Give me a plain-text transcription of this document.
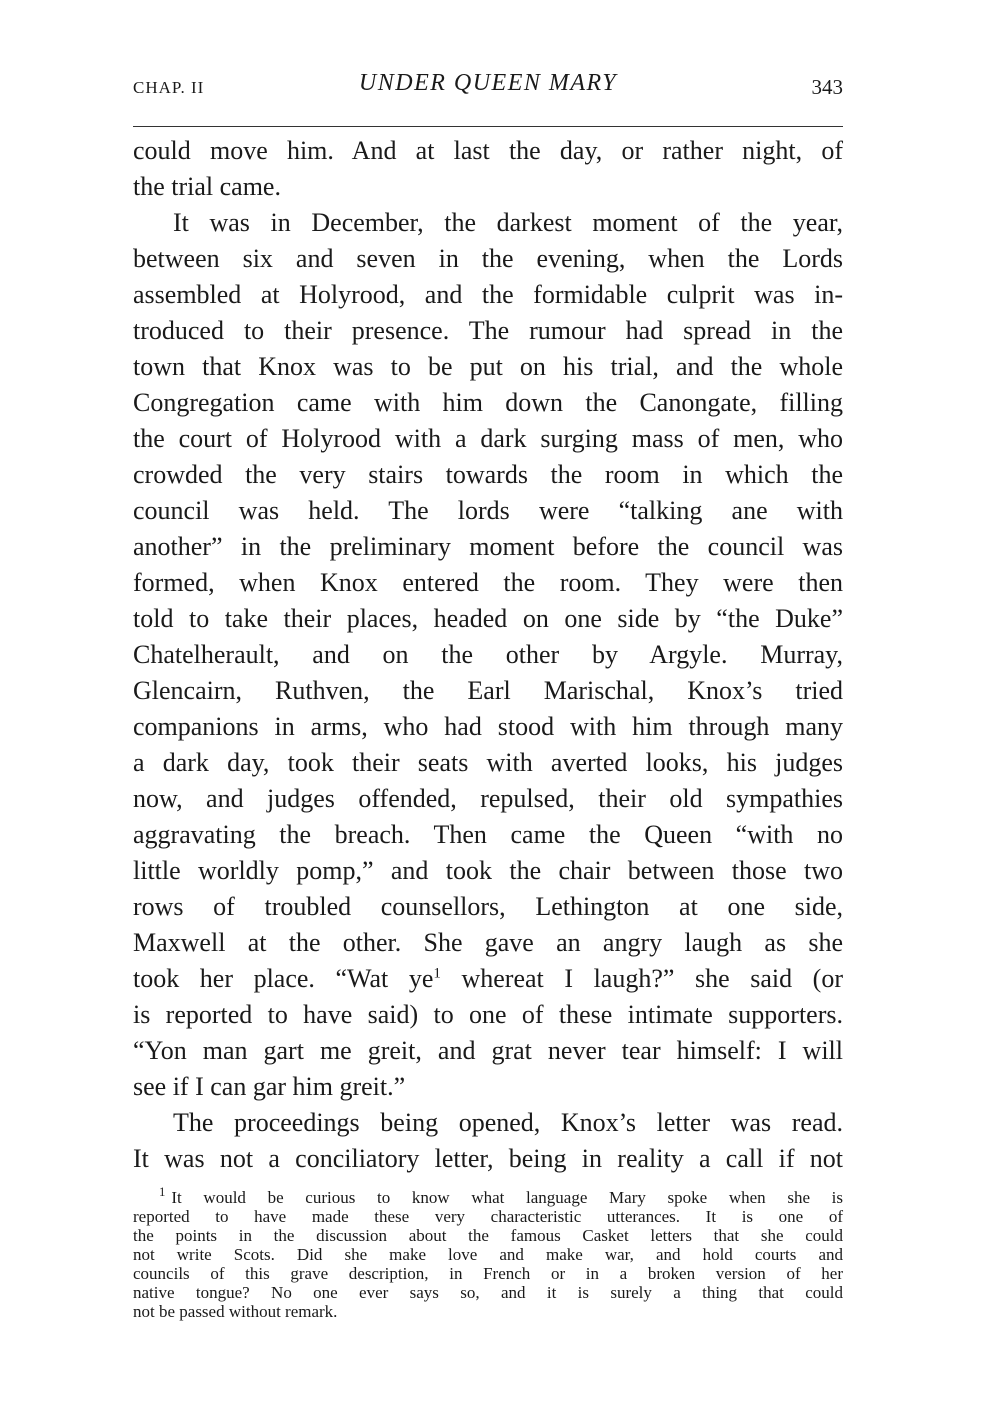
CHAP. II	UNDER QUEEN MARY	343
could move him. And at last the day, or rather night, of
the trial came.
It was in December, the darkest moment of the year,
between six and seven in the evening, when the Lords
assembled at Holyrood, and the formidable culprit was in-
troduced to their presence. The rumour had spread in the
town that Knox was to be put on his trial, and the whole
Congregation came with him down the Canongate, filling
the court of Holyrood with a dark surging mass of men, who
crowded the very stairs towards the room in which the
council was held. The lords were “talking ane with
another” in the preliminary moment before the council was
formed, when Knox entered the room. They were then
told to take their places, headed on one side by “the Duke”
Chatelherault, and on the other by Argyle. Murray,
Glencairn, Ruthven, the Earl Marischal, Knox’s tried
companions in arms, who had stood with him through many
a dark day, took their seats with averted looks, his judges
now, and judges offended, repulsed, their old sympathies
aggravating the breach. Then came the Queen “with no
little worldly pomp,” and took the chair between those two
rows of troubled counsellors, Lethington at one side,
Maxwell at the other. She gave an angry laugh as she
took her place. “Wat $ye^1$ whereat I laugh?” she said (or
is reported to have said) to one of these intimate supporters.
“Yon man gart me greit, and grat never tear himself: I will
see if I can gar him greit.”
The proceedings being opened, Knox’s letter was read.
It was not a conciliatory letter, being in reality a call if not
$^1$ It would be curious to know what language Mary spoke when she is
reported to have made these very characteristic utterances. It is one of
the points in the discussion about the famous Casket letters that she could
not write Scots. Did she make love and make war, and hold courts and
councils of this grave description, in French or in a broken version of her
native tongue? No one ever says so, and it is surely a thing that could
not be passed without remark.
